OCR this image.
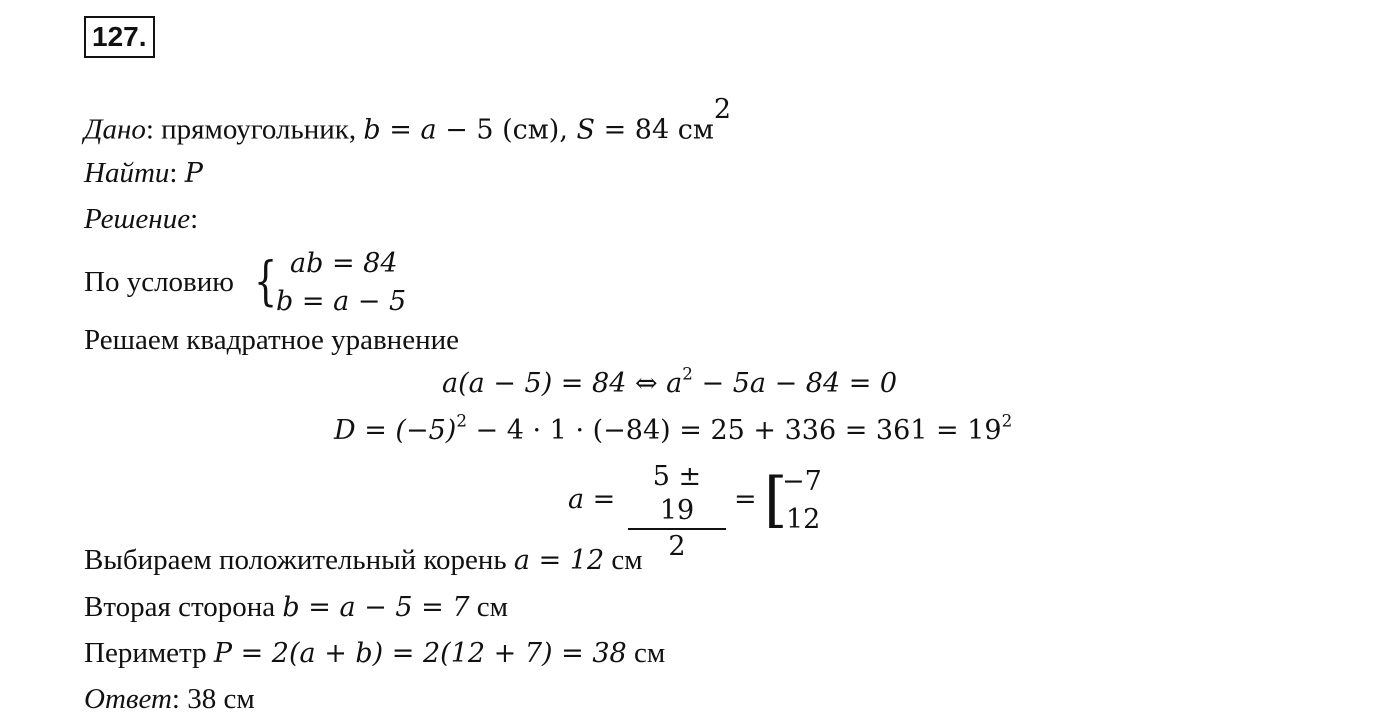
127.
Дано: прямоугольник, b = a − 5 (см), S = 84 $см^2$
Найти: P
Решение:
По условию { ab = 84
b = a − 5
Решаем квадратное уравнение
a(a − 5) = 84 ⇔ $a^2 - 5a - 84 = 0$
$D = (-5)^2 - 4 \cdot 1 \cdot (-84) = 25 + 336 = 361 = 19^2$
$a = \frac{5 \pm 19}{2}$ = [
−7
12
Выбираем положительный корень a = 12 см
Вторая сторона b = a − 5 = 7 см
Периметр P = 2(a + b) = 2(12 + 7) = 38 см
Ответ: 38 см
